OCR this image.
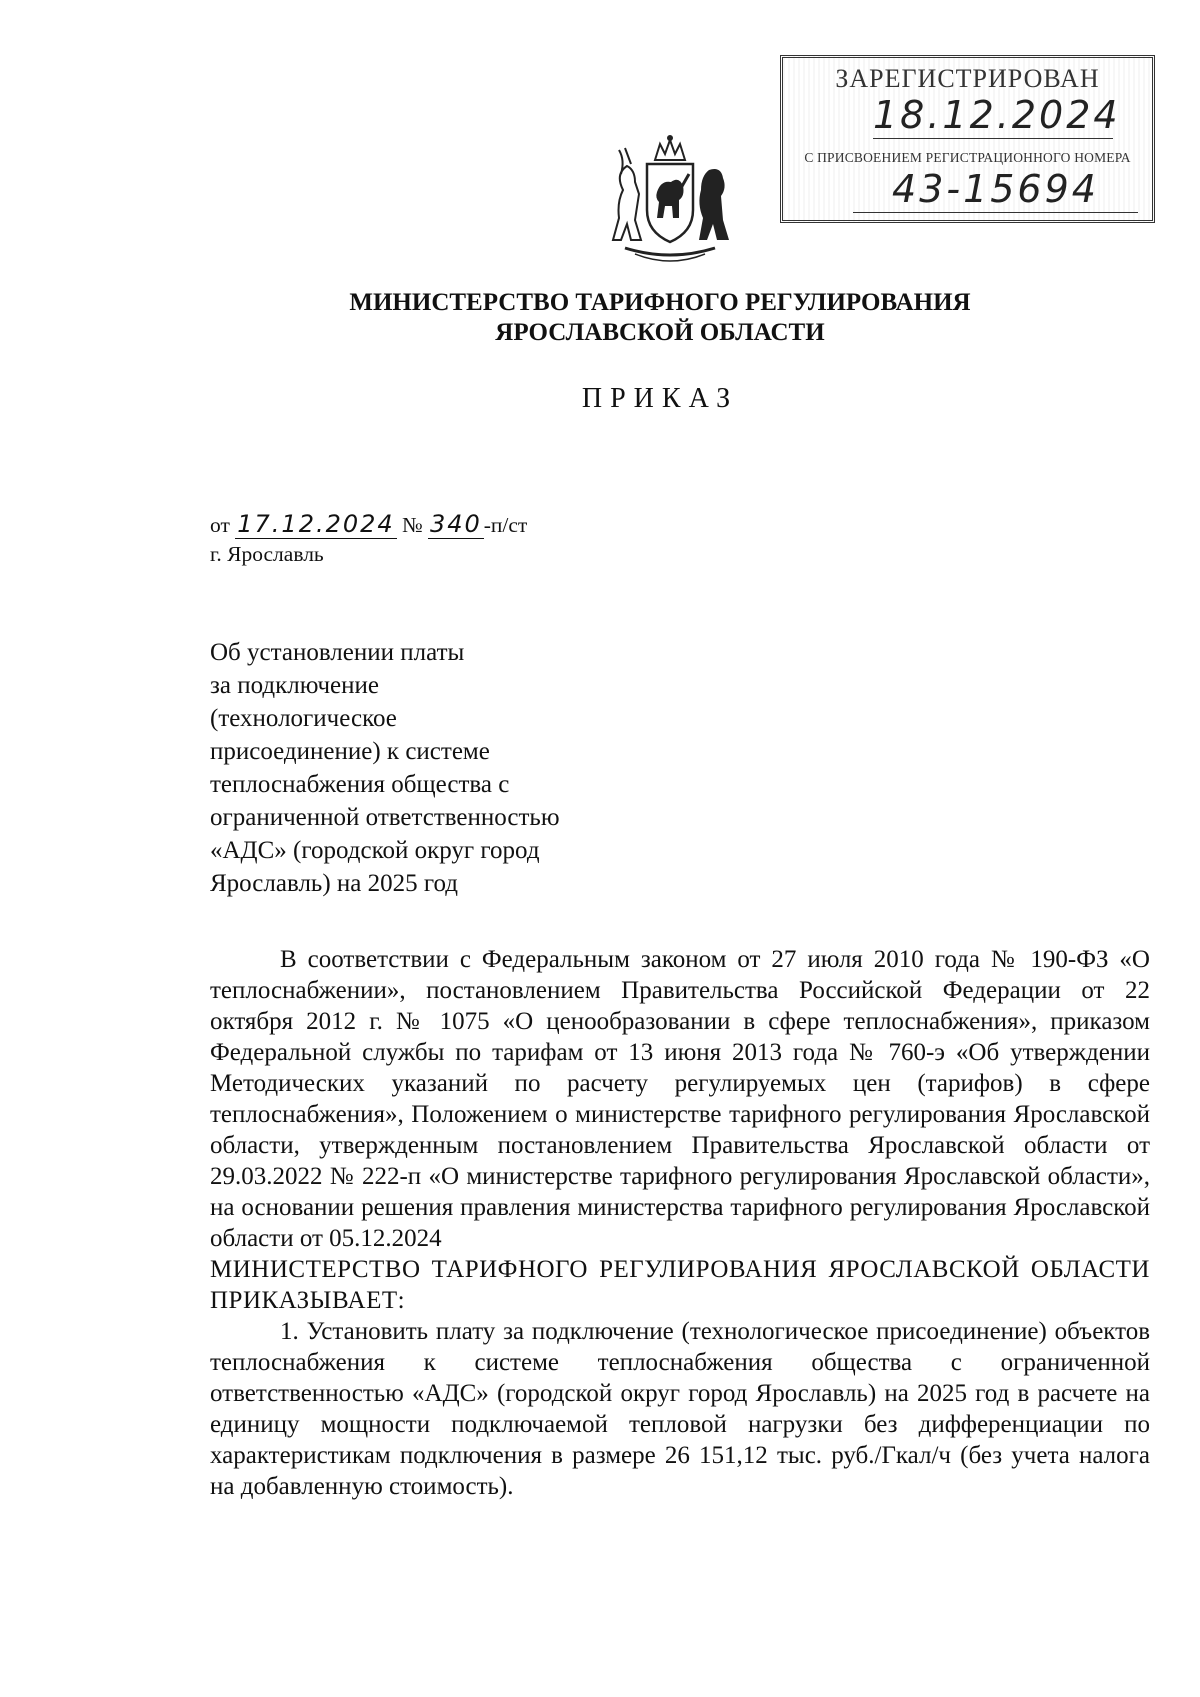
ЗАРЕГИСТРИРОВАН
18.12.2024
С ПРИСВОЕНИЕМ РЕГИСТРАЦИОННОГО НОМЕРА
43-15694
МИНИСТЕРСТВО ТАРИФНОГО РЕГУЛИРОВАНИЯ
ЯРОСЛАВСКОЙ ОБЛАСТИ
ПРИКАЗ
от 17.12.2024 № 340-п/ст
г. Ярославль
Об установлении платы
за подключение
(технологическое
присоединение) к системе
теплоснабжения общества с
ограниченной ответственностью
«АДС» (городской округ город
Ярославль) на 2025 год

В соответствии с Федеральным законом от 27 июля 2010 года № 190-ФЗ «О теплоснабжении», постановлением Правительства Российской Федерации от 22 октября 2012 г. № 1075 «О ценообразовании в сфере теплоснабжения», приказом Федеральной службы по тарифам от 13 июня 2013 года № 760-э «Об утверждении Методических указаний по расчету регулируемых цен (тарифов) в сфере теплоснабжения», Положением о министерстве тарифного регулирования Ярославской области, утвержденным постановлением Правительства Ярославской области от 29.03.2022 № 222-п «О министерстве тарифного регулирования Ярославской области», на основании решения правления министерства тарифного регулирования Ярославской области от 05.12.2024

МИНИСТЕРСТВО ТАРИФНОГО РЕГУЛИРОВАНИЯ ЯРОСЛАВСКОЙ ОБЛАСТИ ПРИКАЗЫВАЕТ:

1. Установить плату за подключение (технологическое присоединение) объектов теплоснабжения к системе теплоснабжения общества с ограниченной ответственностью «АДС» (городской округ город Ярославль) на 2025 год в расчете на единицу мощности подключаемой тепловой нагрузки без дифференциации по характеристикам подключения в размере 26 151,12 тыс. руб./Гкал/ч (без учета налога на добавленную стоимость).
